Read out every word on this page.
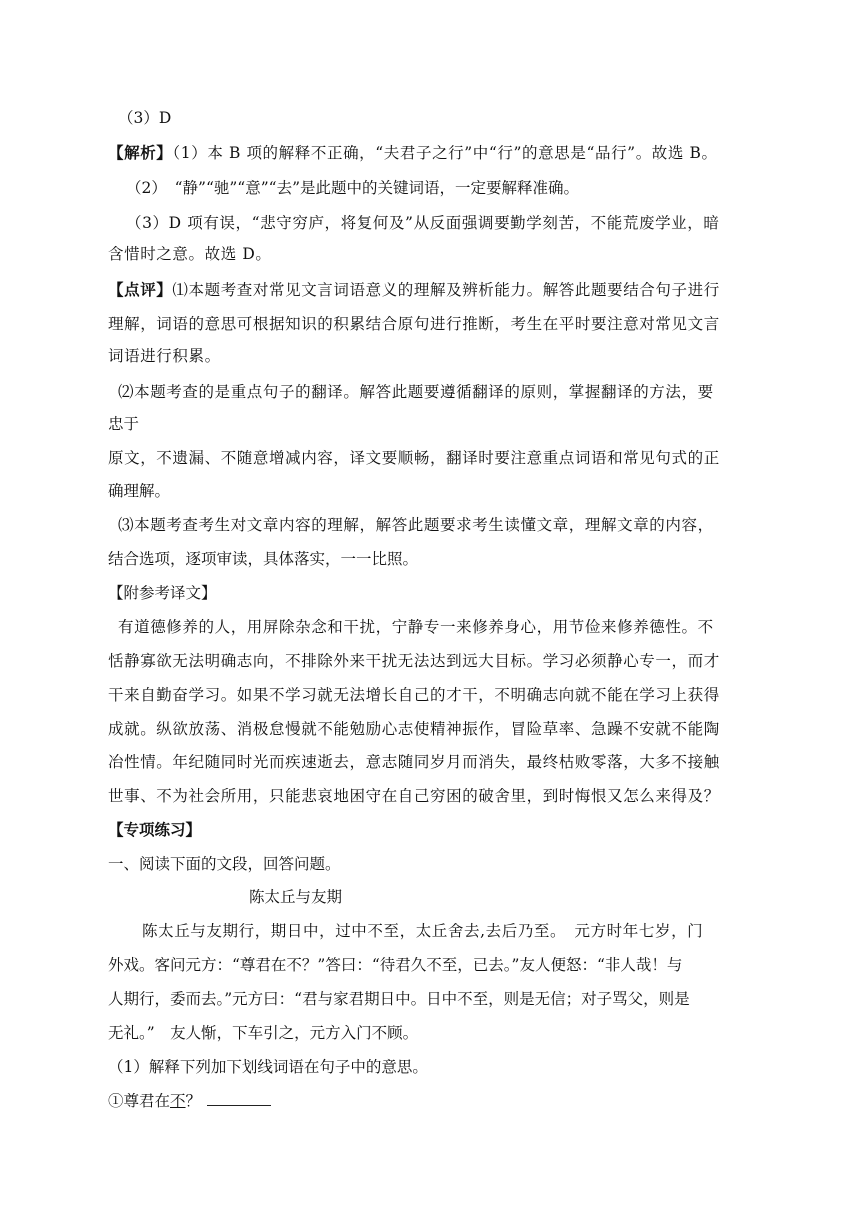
（3）D
【解析】（1）本 B 项的解释不正确，“夫君子之行”中“行”的意思是“品行”。故选 B。
（2）　“静”“驰”“意”“去”是此题中的关键词语，一定要解释准确。
（3）D 项有误，“悲守穷庐，将复何及”从反面强调要勤学刻苦，不能荒废学业，暗
含惜时之意。故选 D。
【点评】⑴本题考查对常见文言词语意义的理解及辨析能力。解答此题要结合句子进行
理解，词语的意思可根据知识的积累结合原句进行推断，考生在平时要注意对常见文言
词语进行积累。
⑵本题考查的是重点句子的翻译。解答此题要遵循翻译的原则，掌握翻译的方法，要
忠于
原文，不遗漏、不随意增减内容，译文要顺畅，翻译时要注意重点词语和常见句式的正
确理解。
⑶本题考查考生对文章内容的理解，解答此题要求考生读懂文章，理解文章的内容，
结合选项，逐项审读，具体落实，一一比照。
【附参考译文】
有道德修养的人，用屏除杂念和干扰，宁静专一来修养身心，用节俭来修养德性。不
恬静寡欲无法明确志向，不排除外来干扰无法达到远大目标。学习必须静心专一，而才
干来自勤奋学习。如果不学习就无法增长自己的才干，不明确志向就不能在学习上获得
成就。纵欲放荡、消极怠慢就不能勉励心志使精神振作，冒险草率、急躁不安就不能陶
冶性情。年纪随同时光而疾速逝去，意志随同岁月而消失，最终枯败零落，大多不接触
世事、不为社会所用，只能悲哀地困守在自己穷困的破舍里，到时悔恨又怎么来得及？
【专项练习】
一、阅读下面的文段，回答问题。
陈太丘与友期
陈太丘与友期行，期日中，过中不至，太丘舍去,去后乃至。　元方时年七岁，门
外戏。客问元方：“尊君在不？”答曰：“待君久不至，已去。”友人便怒：“非人哉！与
人期行，委而去。”元方曰：“君与家君期日中。日中不至，则是无信；对子骂父，则是
无礼。”　友人惭，下车引之，元方入门不顾。
（1）解释下列加下划线词语在句子中的意思。
①尊君在不？
